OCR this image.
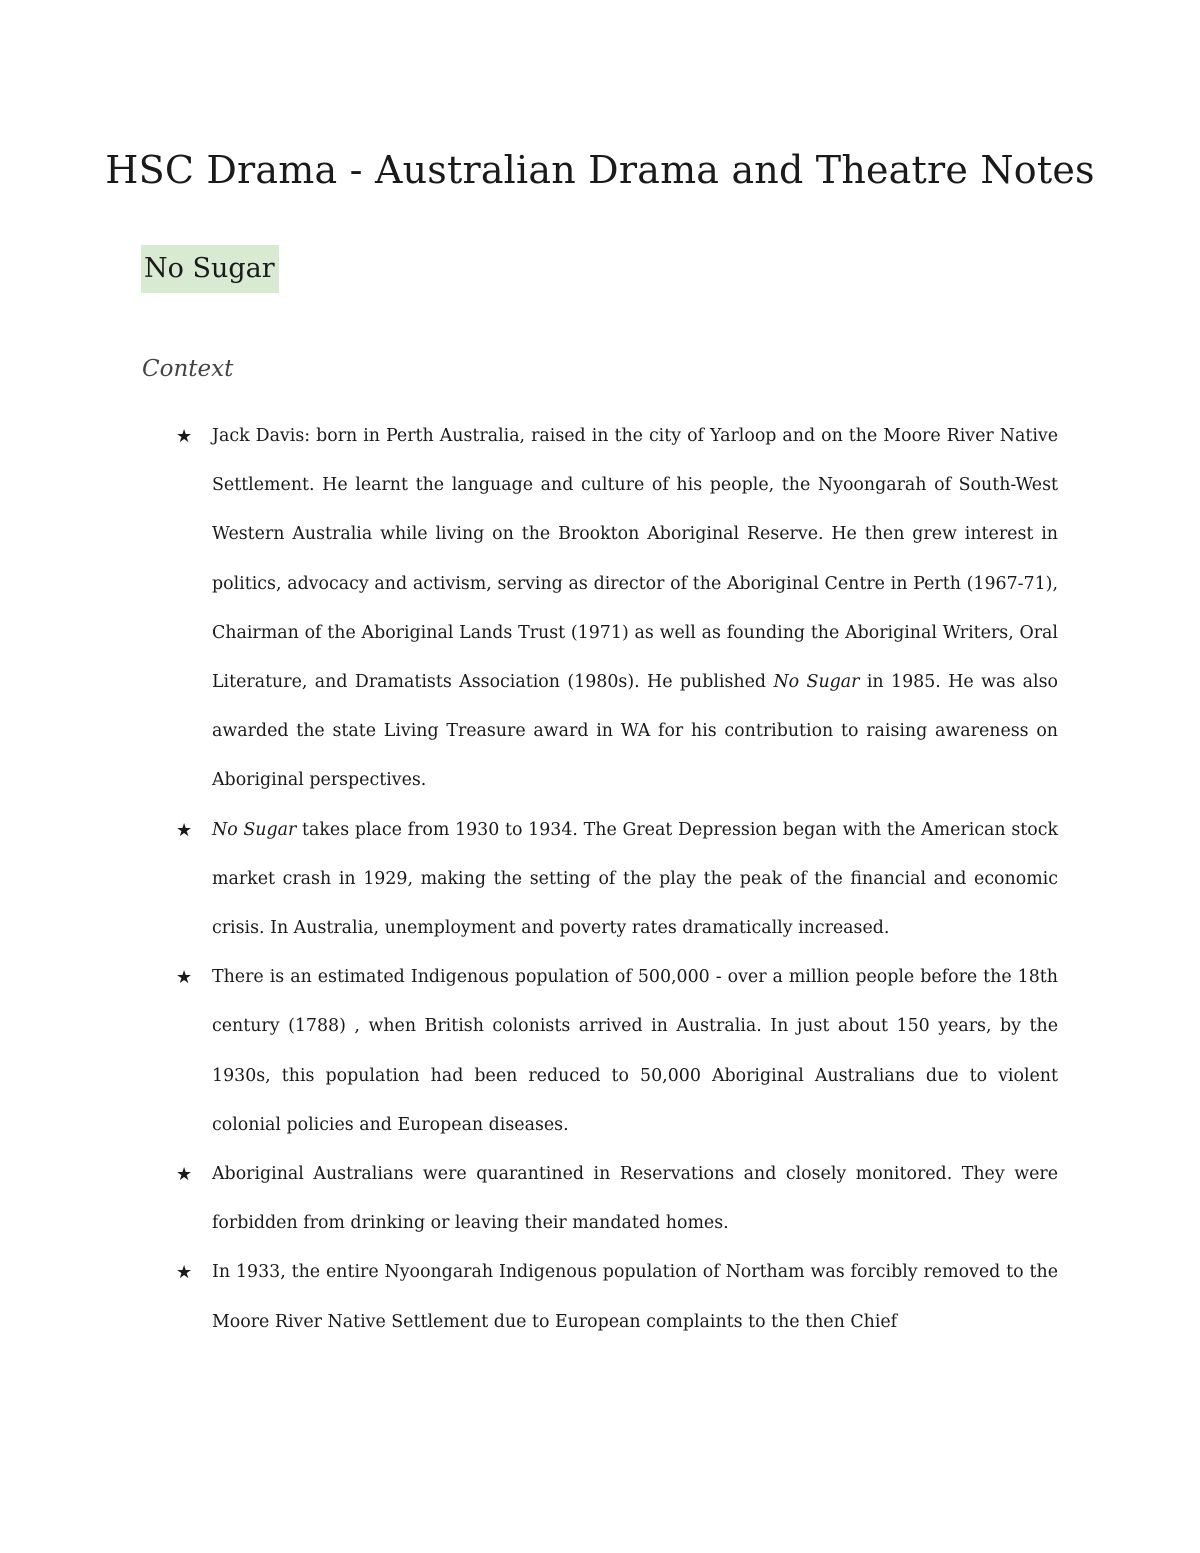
HSC Drama - Australian Drama and Theatre Notes
No Sugar
Context
★	Jack Davis: born in Perth Australia, raised in the city of Yarloop and on the Moore River Native Settlement. He learnt the language and culture of his people, the Nyoongarah of South-West Western Australia while living on the Brookton Aboriginal Reserve. He then grew interest in politics, advocacy and activism, serving as director of the Aboriginal Centre in Perth (1967-71), Chairman of the Aboriginal Lands Trust (1971) as well as founding the Aboriginal Writers, Oral Literature, and Dramatists Association (1980s). He published No Sugar in 1985. He was also awarded the state Living Treasure award in WA for his contribution to raising awareness on Aboriginal perspectives.

★	No Sugar takes place from 1930 to 1934. The Great Depression began with the American stock market crash in 1929, making the setting of the play the peak of the financial and economic crisis. In Australia, unemployment and poverty rates dramatically increased.

★	There is an estimated Indigenous population of 500,000 - over a million people before the 18th century (1788) , when British colonists arrived in Australia. In just about 150 years, by the 1930s, this population had been reduced to 50,000 Aboriginal Australians due to violent colonial policies and European diseases.

★	Aboriginal Australians were quarantined in Reservations and closely monitored. They were forbidden from drinking or leaving their mandated homes.

★	In 1933, the entire Nyoongarah Indigenous population of Northam was forcibly removed to the Moore River Native Settlement due to European complaints to the then Chief
